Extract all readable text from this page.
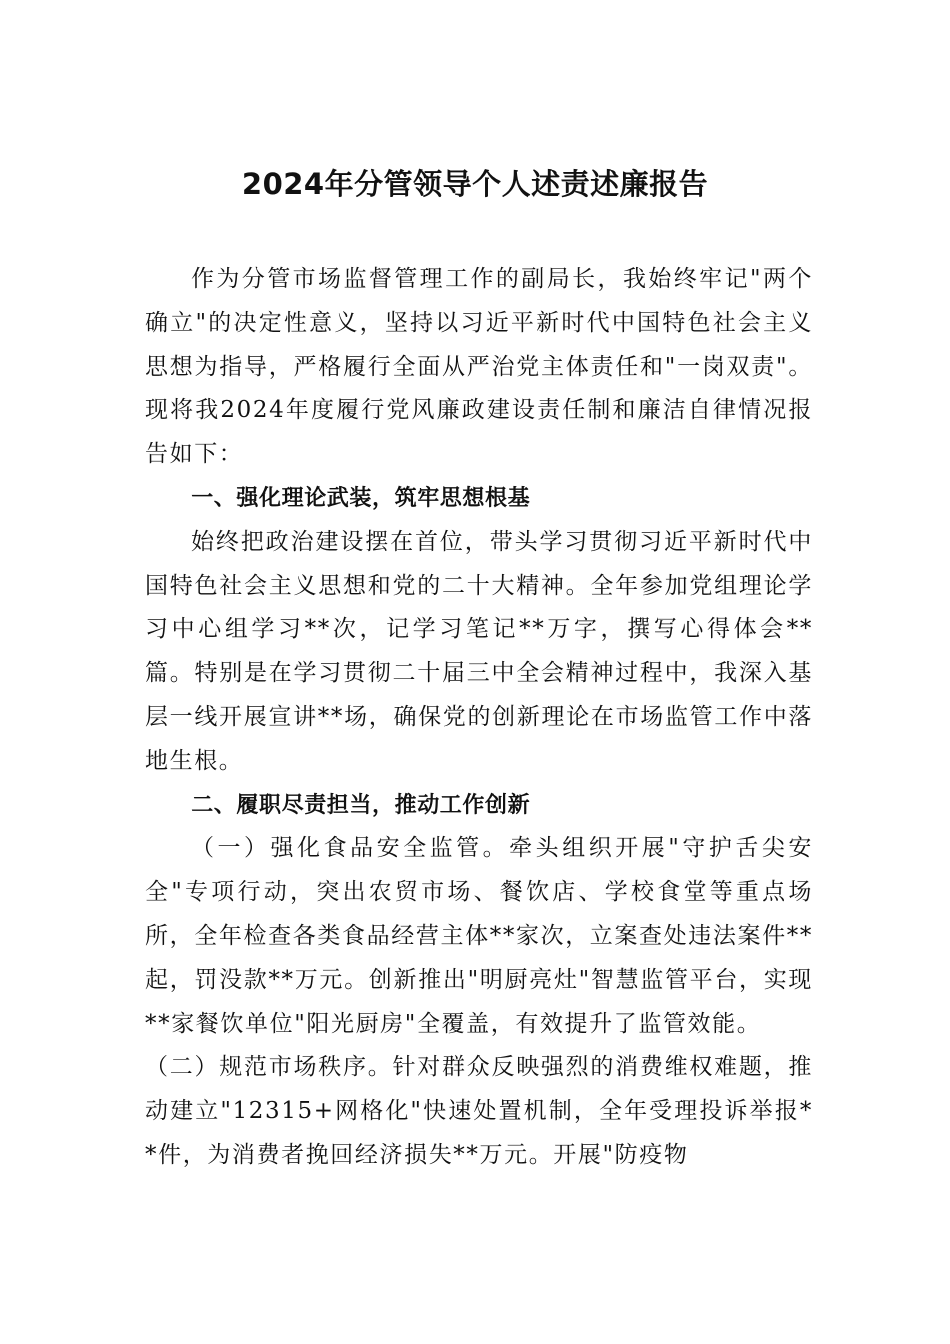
2024年分管领导个人述责述廉报告

作为分管市场监督管理工作的副局长，我始终牢记"两个确立"的决定性意义，坚持以习近平新时代中国特色社会主义思想为指导，严格履行全面从严治党主体责任和"一岗双责"。现将我2024年度履行党风廉政建设责任制和廉洁自律情况报告如下：

一、强化理论武装，筑牢思想根基

始终把政治建设摆在首位，带头学习贯彻习近平新时代中国特色社会主义思想和党的二十大精神。全年参加党组理论学习中心组学习**次，记学习笔记**万字，撰写心得体会**篇。特别是在学习贯彻二十届三中全会精神过程中，我深入基层一线开展宣讲**场，确保党的创新理论在市场监管工作中落地生根。

二、履职尽责担当，推动工作创新

（一）强化食品安全监管。牵头组织开展"守护舌尖安全"专项行动，突出农贸市场、餐饮店、学校食堂等重点场所，全年检查各类食品经营主体**家次，立案查处违法案件**起，罚没款**万元。创新推出"明厨亮灶"智慧监管平台，实现**家餐饮单位"阳光厨房"全覆盖，有效提升了监管效能。

（二）规范市场秩序。针对群众反映强烈的消费维权难题，推动建立"12315+网格化"快速处置机制，全年受理投诉举报**件，为消费者挽回经济损失**万元。开展"防疫物
